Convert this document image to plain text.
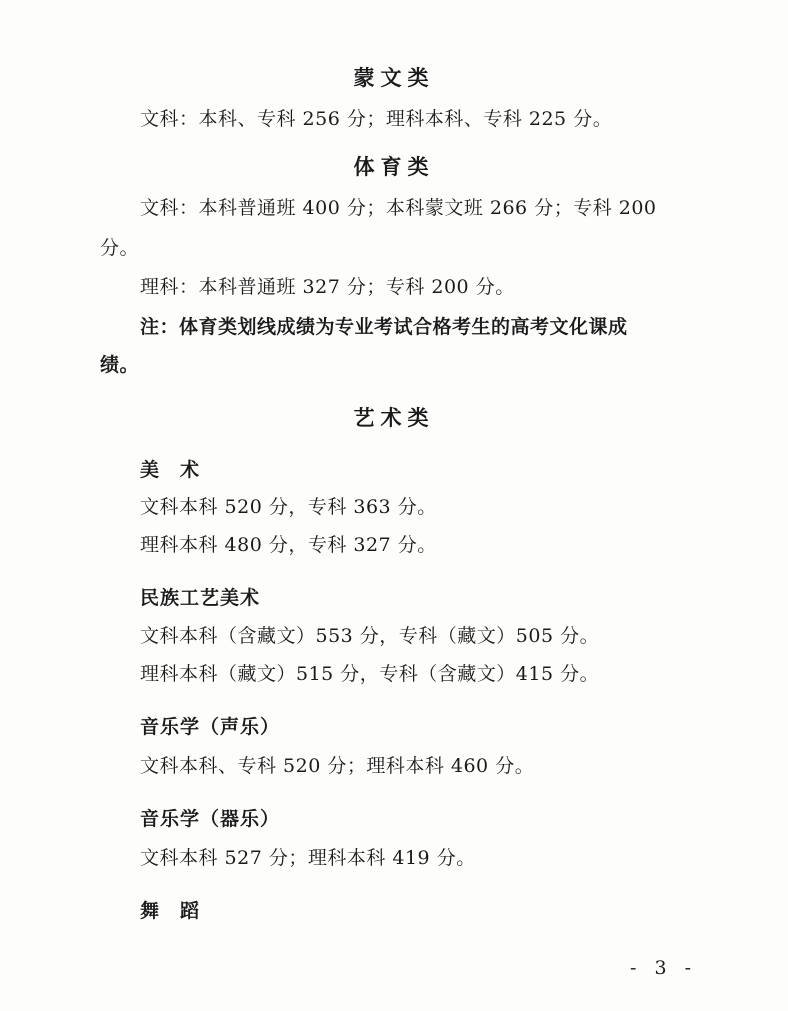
蒙文类
文科：本科、专科 256 分；理科本科、专科 225 分。
体育类
文科：本科普通班 400 分；本科蒙文班 266 分；专科 200
分。
理科：本科普通班 327 分；专科 200 分。
注：体育类划线成绩为专业考试合格考生的高考文化课成
绩。
艺术类
美　术
文科本科 520 分，专科 363 分。
理科本科 480 分，专科 327 分。
民族工艺美术
文科本科（含藏文）553 分，专科（藏文）505 分。
理科本科（藏文）515 分，专科（含藏文）415 分。
音乐学（声乐）
文科本科、专科 520 分；理科本科 460 分。
音乐学（器乐）
文科本科 527 分；理科本科 419 分。
舞　蹈
- 3 -
